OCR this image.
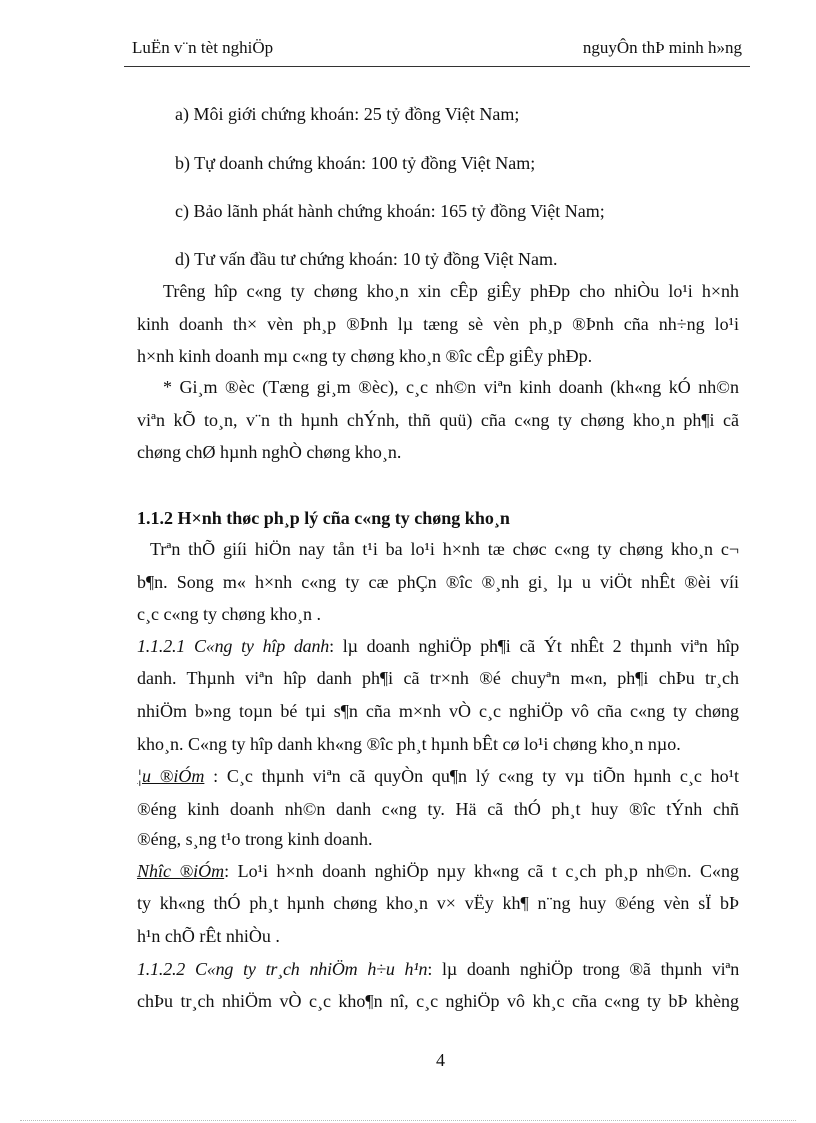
LuËn v¨n tèt nghiÖp	nguyÔn thÞ minh h»ng
a) Môi giới chứng khoán: 25 tỷ đồng Việt Nam;
b) Tự doanh chứng khoán: 100 tỷ đồng Việt Nam;
c) Bảo lãnh phát hành chứng khoán: 165 tỷ đồng Việt Nam;
d) Tư vấn đầu tư chứng khoán: 10 tỷ đồng Việt Nam.
Trêng hîp c«ng ty chøng kho¸n xin cÊp giÊy phÐp cho nhiÒu lo¹i h×nh
kinh doanh th× vèn ph¸p ®Þnh lµ tæng sè vèn ph¸p ®Þnh cña nh÷ng lo¹i
h×nh kinh doanh mµ c«ng ty chøng kho¸n ®îc cÊp giÊy phÐp.
* Gi¸m ®èc (Tæng gi¸m ®èc), c¸c nh©n viªn kinh doanh (kh«ng kÓ nh©n
viªn kÕ to¸n, v¨n th hµnh chÝnh, thñ quü) cña c«ng ty chøng kho¸n ph¶i cã
chøng chØ hµnh nghÒ chøng kho¸n.
1.1.2 H×nh thøc ph¸p lý cña c«ng ty chøng kho¸n
Trªn thÕ giíi hiÖn nay tån t¹i ba lo¹i h×nh tæ chøc c«ng ty chøng kho¸n c¬
b¶n. Song m« h×nh c«ng ty cæ phÇn ®îc ®¸nh gi¸ lµ u viÖt nhÊt ®èi víi
c¸c c«ng ty chøng kho¸n .
1.1.2.1 C«ng ty hîp danh: lµ doanh nghiÖp ph¶i cã Ýt nhÊt 2 thµnh viªn hîp
danh. Thµnh viªn hîp danh ph¶i cã tr×nh ®é chuyªn m«n, ph¶i chÞu tr¸ch
nhiÖm b»ng toµn bé tµi s¶n cña m×nh vÒ c¸c nghiÖp vô cña c«ng ty chøng
kho¸n. C«ng ty hîp danh kh«ng ®îc ph¸t hµnh bÊt cø lo¹i chøng kho¸n nµo.
¦u ®iÓm : C¸c thµnh viªn cã quyÒn qu¶n lý c«ng ty vµ tiÕn hµnh c¸c ho¹t
®éng kinh doanh nh©n danh c«ng ty. Hä cã thÓ ph¸t huy ®îc tÝnh chñ
®éng, s¸ng t¹o trong kinh doanh.
Nhîc ®iÓm: Lo¹i h×nh doanh nghiÖp nµy kh«ng cã t c¸ch ph¸p nh©n. C«ng
ty kh«ng thÓ ph¸t hµnh chøng kho¸n v× vËy kh¶ n¨ng huy ®éng vèn sÏ bÞ
h¹n chÕ rÊt nhiÒu .
1.1.2.2 C«ng ty tr¸ch nhiÖm h÷u h¹n: lµ doanh nghiÖp trong ®ã thµnh viªn
chÞu tr¸ch nhiÖm vÒ c¸c kho¶n nî, c¸c nghiÖp vô kh¸c cña c«ng ty bÞ khèng
4
